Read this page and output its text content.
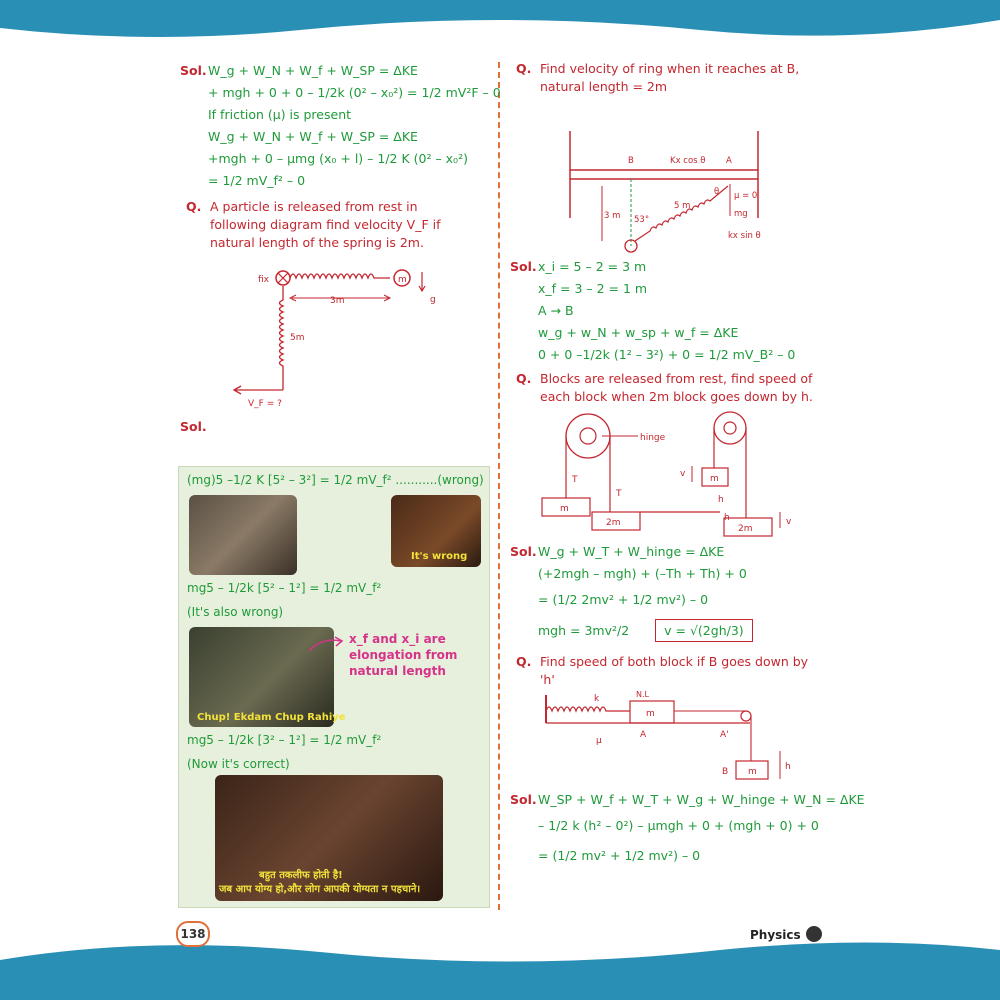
Sol.W_g + W_N + W_f + W_SP = ΔKE
+ mgh + 0 + 0 – 1/2k (0² – x₀²) = 1/2 mV²F – 0
If friction (μ) is present
W_g + W_N + W_f + W_SP = ΔKE
+mgh + 0 – μmg (x₀ + l) – 1/2 K (0² – x₀²)
= 1/2 mV_f² – 0
Q. A particle is released from rest in following diagram find velocity V_F if natural length of the spring is 2m.
fix	m
g
3m
5m
V_F = ?
Sol.
(mg)5 –1/2 K [5² – 3²] = 1/2 mV_f² ...........(wrong)
It's wrong
mg5 – 1/2k [5² – 1²] = 1/2 mV_f²
(It's also wrong)
Chup! Ekdam Chup Rahiye
x_f and x_i are elongation from natural length
mg5 – 1/2k [3² – 1²] = 1/2 mV_f²
(Now it's correct)
बहुत तकलीफ होती है!
जब आप योग्य हो,और लोग आपकी योग्यता न पहचाने।
Q. Find velocity of ring when it reaches at B, natural length = 2m
B	Kx cos θ A
3 m
5 m
53°
θ μ = 0
mg
kx sin θ
Sol.x_i = 5 – 2 = 3 m
x_f = 3 – 2 = 1 m
A → B
w_g + w_N + w_sp + w_f = ΔKE
0 + 0 –1/2k (1² – 3²) + 0 = 1/2 mV_B² – 0
Q. Blocks are released from rest, find speed of each block when 2m block goes down by h.
hinge
T
T
m
2m
m
v
h
h
2m
v
Sol.W_g + W_T + W_hinge = ΔKE
(+2mgh – mgh) + (–Th + Th) + 0
= (1/2 2mv² + 1/2 mv²) – 0
mgh = 3mv²/2	v = √(2gh/3)
Q. Find speed of both block if B goes down by 'h'
k
m
N.L
A	A'
μ
m
B	h
Sol.W_SP + W_f + W_T + W_g + W_hinge + W_N = ΔKE
– 1/2 k (h² – 0²) – μmgh + 0 + (mgh + 0) + 0
= (1/2 mv² + 1/2 mv²) – 0
138	Physics
